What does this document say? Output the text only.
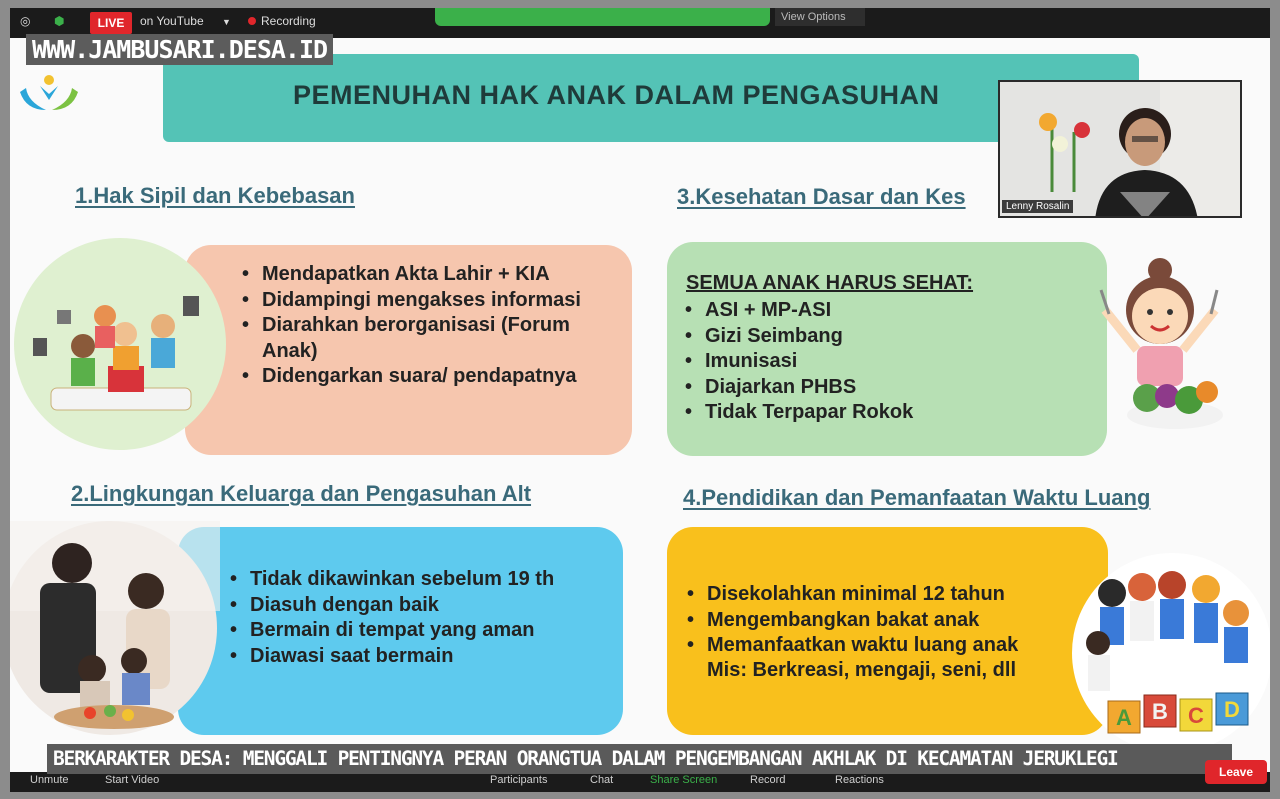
◎ ⬢	LIVE	on YouTube ▼	Recording	View Options
PEMENUHAN HAK ANAK DALAM PENGASUHAN
1.Hak Sipil dan Kebebasan
2.Lingkungan Keluarga dan Pengasuhan Alt
3.Kesehatan Dasar dan Kes
4.Pendidikan dan Pemanfaatan Waktu Luang
• Mendapatkan Akta Lahir + KIA
• Didampingi mengakses informasi
• Diarahkan berorganisasi (Forum Anak)
• Didengarkan suara/ pendapatnya
SEMUA ANAK HARUS SEHAT:
• ASI + MP-ASI
• Gizi Seimbang
• Imunisasi
• Diajarkan PHBS
• Tidak Terpapar Rokok
• Tidak dikawinkan sebelum 19 th
• Diasuh dengan baik
• Bermain di tempat yang aman
• Diawasi saat bermain
• Disekolahkan minimal 12 tahun
• Mengembangkan bakat anak
• Memanfaatkan waktu luang anak
Mis: Berkreasi, mengaji, seni, dll
A B C D
WWW.JAMBUSARI.DESA.ID
Lenny Rosalin
BERKARAKTER DESA: MENGGALI PENTINGNYA PERAN ORANGTUA DALAM PENGEMBANGAN AKHLAK DI KECAMATAN JERUKLEGI
Unmute	Start Video	Participants	Chat	Share Screen	Record	Reactions
Leave
